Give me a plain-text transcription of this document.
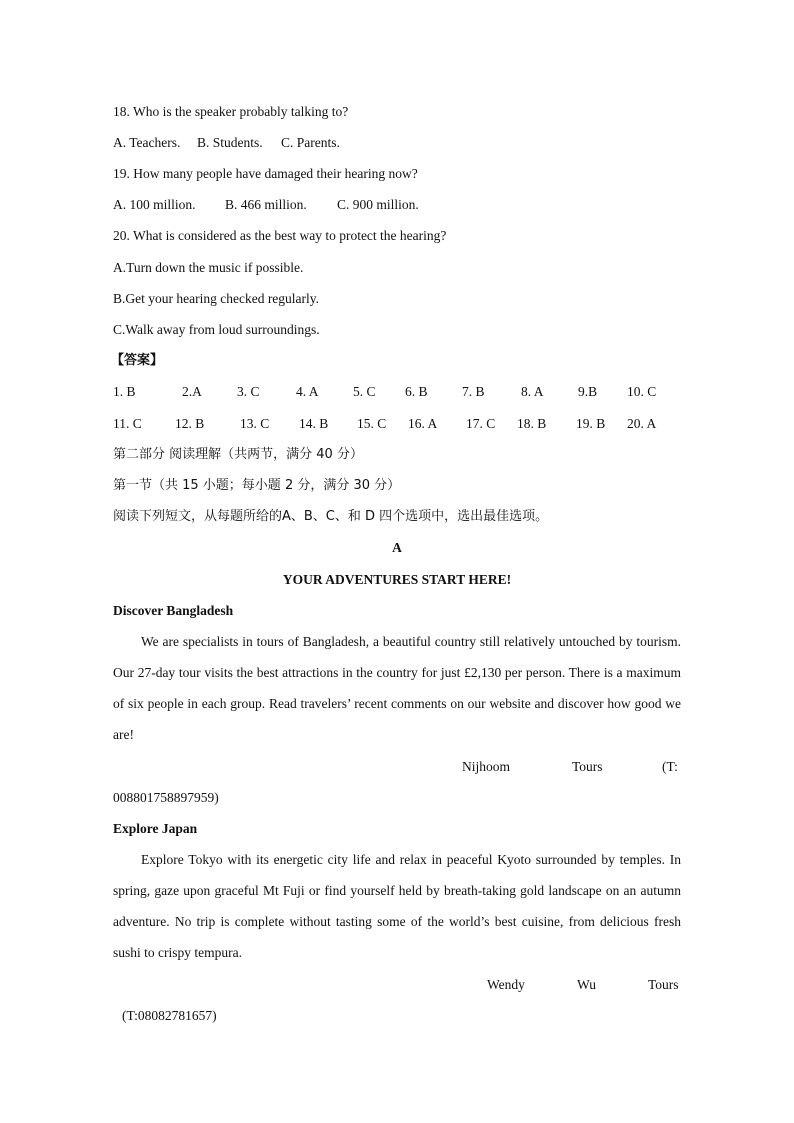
18. Who is the speaker probably talking to?
A. Teachers. B. Students. C. Parents.
19. How many people have damaged their hearing now?
A. 100 million. B. 466 million. C. 900 million.
20. What is considered as the best way to protect the hearing?
A.Turn down the music if possible.
B.Get your hearing checked regularly.
C.Walk away from loud surroundings.
【答案】
1. B	2.A	3. C	4. A	5. C 6. B	7. B	8. A	9.B 10. C
11. C 12. B	13. C 14. B 15. C 16. A 17. C 18. B 19. B 20. A
第二部分 阅读理解（共两节，满分 40 分）
第一节（共 15 小题；每小题 2 分，满分 30 分）
阅读下列短文，从每题所给的A、B、C、和 D 四个选项中，选出最佳选项。
A
YOUR ADVENTURES START HERE!
Discover Bangladesh
We are specialists in tours of Bangladesh, a beautiful country still relatively untouched by tourism. Our 27-day tour visits the best attractions in the country for just £2,130 per person. There is a maximum of six people in each group. Read travelers’ recent comments on our website and discover how good we are!
Nijhoom	Tours	(T:
008801758897959)
Explore Japan
Explore Tokyo with its energetic city life and relax in peaceful Kyoto surrounded by temples. In spring, gaze upon graceful Mt Fuji or find yourself held by breath-taking gold landscape on an autumn adventure. No trip is complete without tasting some of the world’s best cuisine, from delicious fresh sushi to crispy tempura.
Wendy	Wu	Tours
(T:08082781657)
